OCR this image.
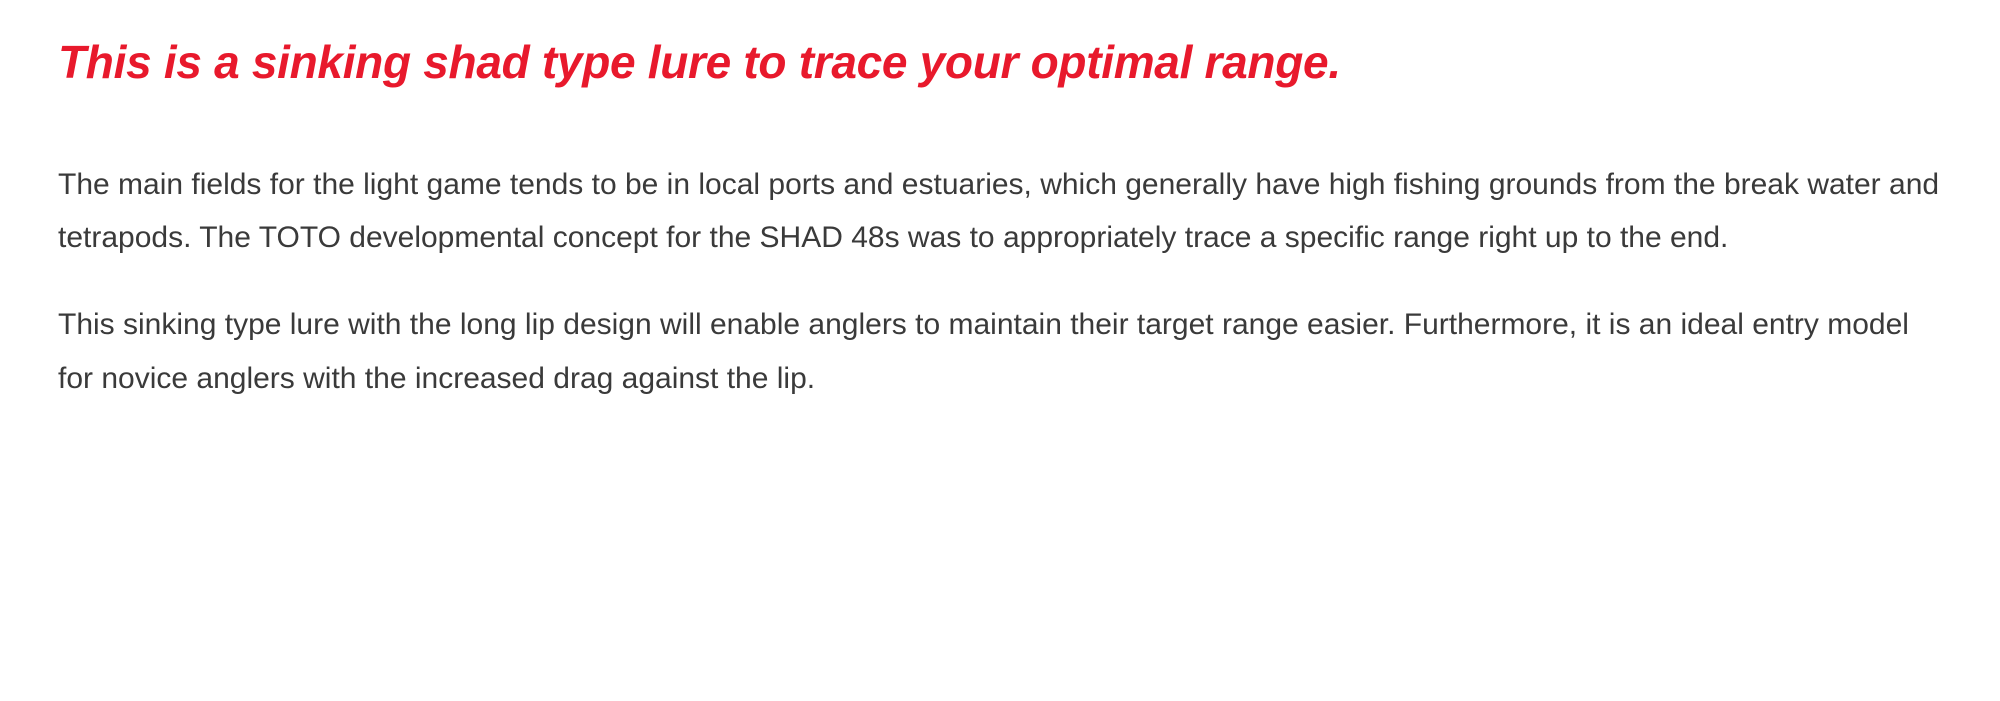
This is a sinking shad type lure to trace your optimal range.

The main fields for the light game tends to be in local ports and estuaries, which generally have high fishing grounds from the break water and tetrapods. The TOTO developmental concept for the SHAD 48s was to appropriately trace a specific range right up to the end.

This sinking type lure with the long lip design will enable anglers to maintain their target range easier. Furthermore, it is an ideal entry model for novice anglers with the increased drag against the lip.
